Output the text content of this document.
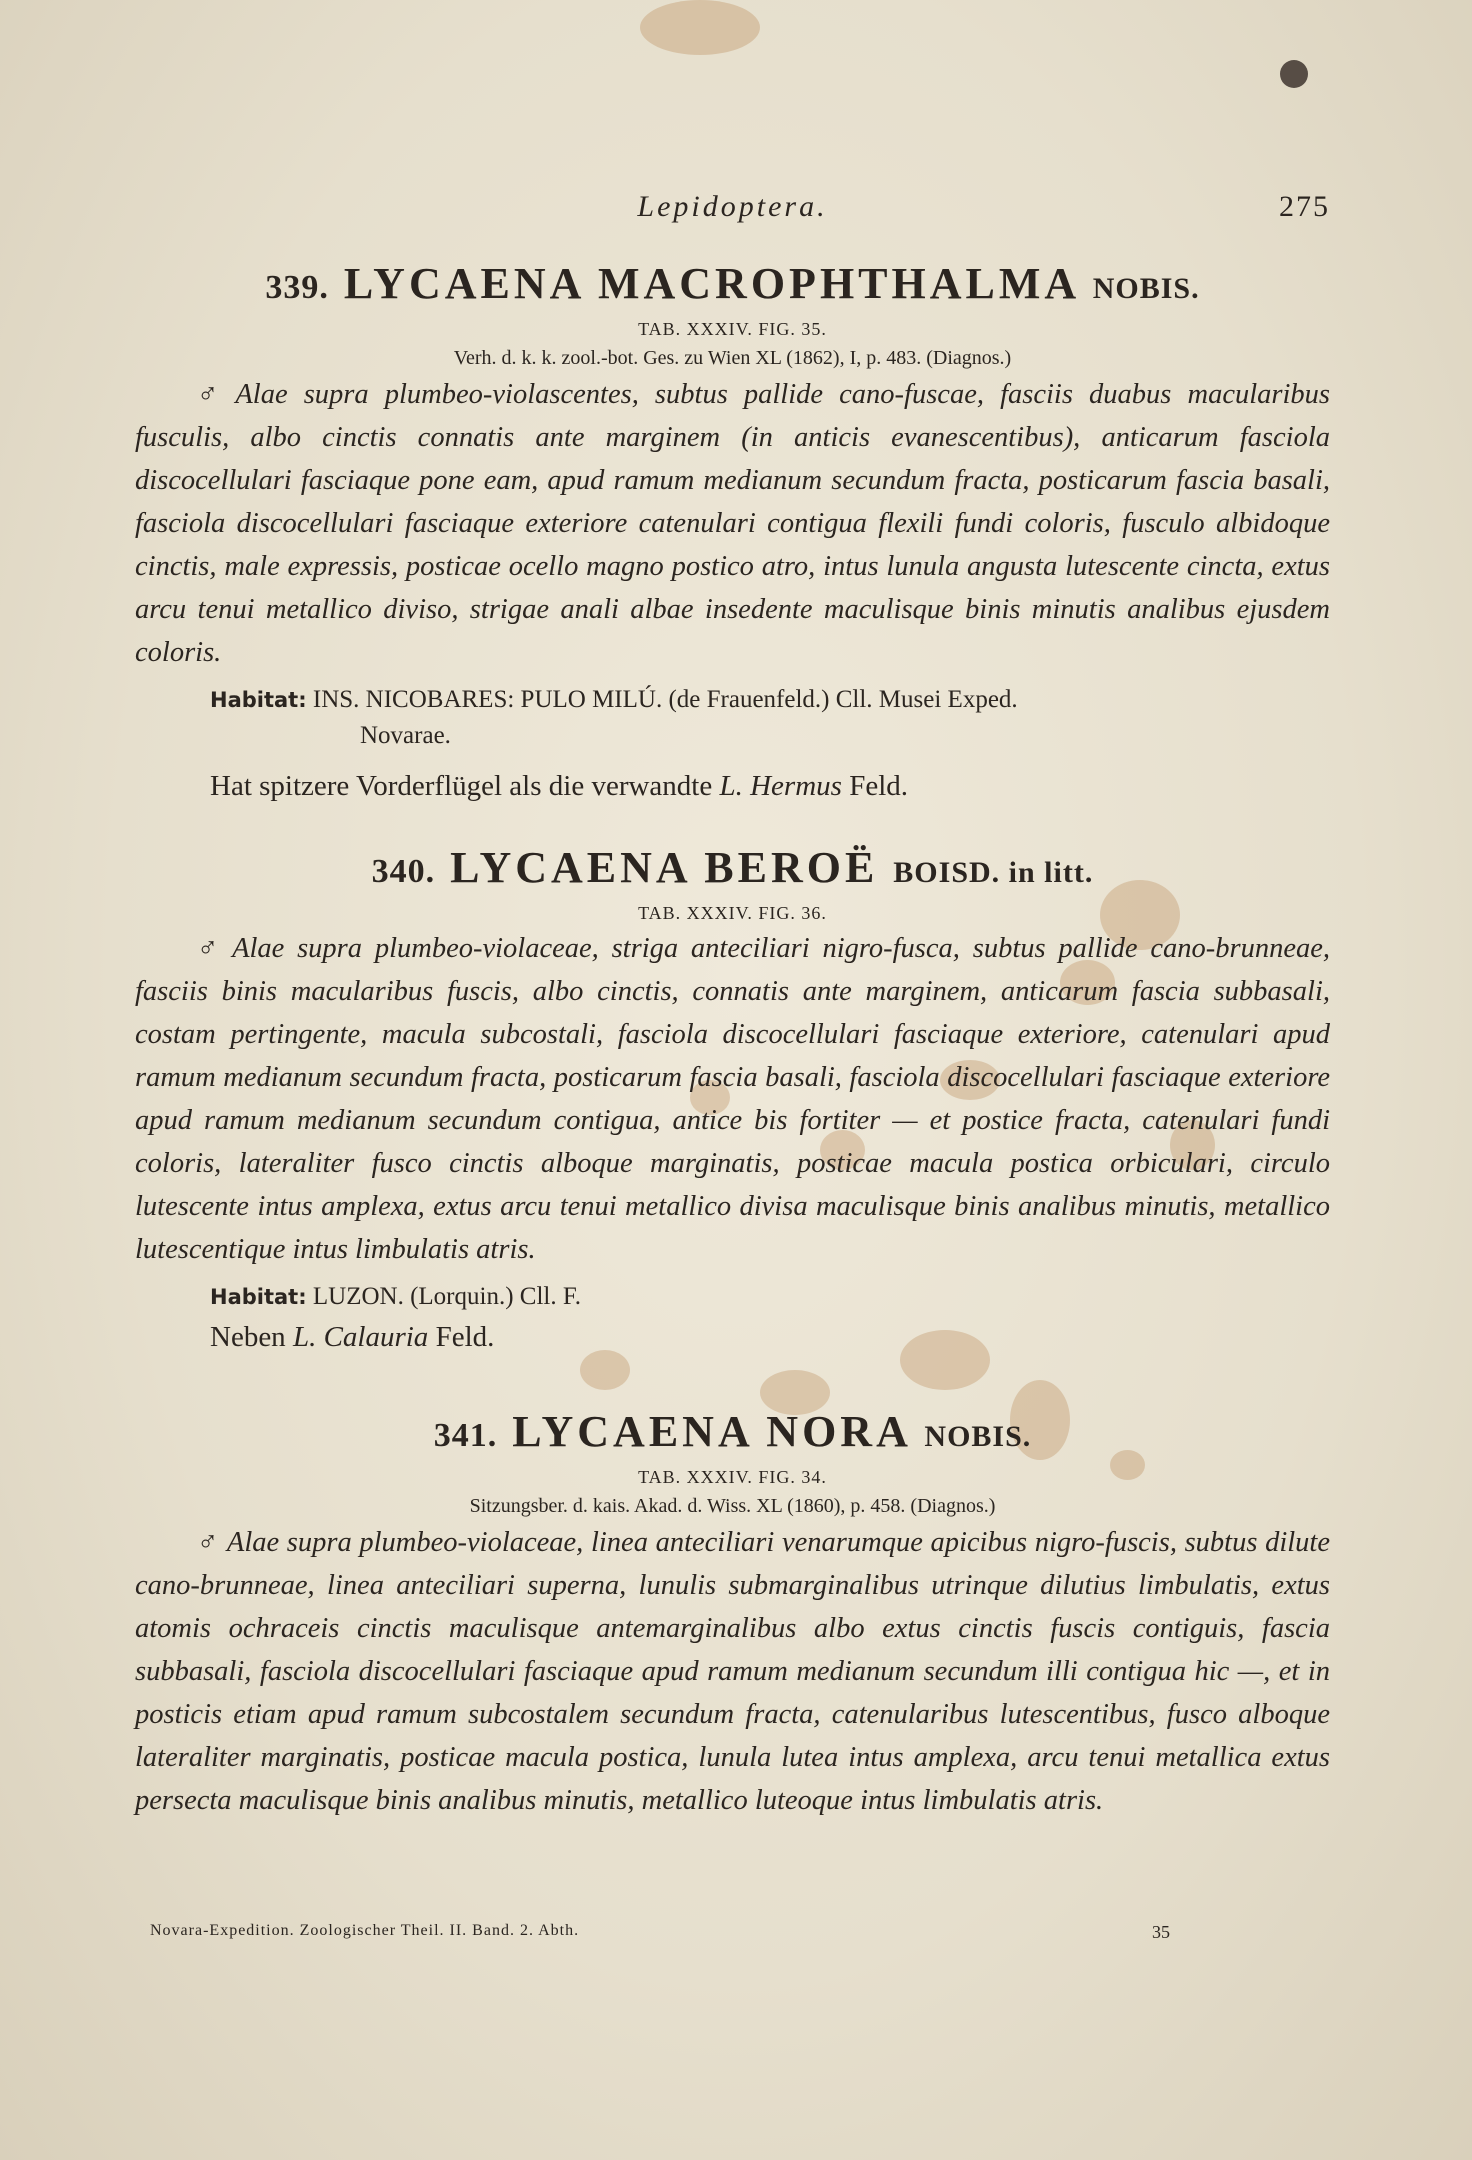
Lepidoptera.	275
339. LYCAENA MACROPHTHALMA NOBIS.

TAB. XXXIV. FIG. 35.

Verh. d. k. k. zool.-bot. Ges. zu Wien XL (1862), I, p. 483. (Diagnos.)

♂ Alae supra plumbeo-violascentes, subtus pallide cano-fuscae, fasciis duabus macularibus fusculis, albo cinctis connatis ante marginem (in anticis evanescentibus), anticarum fasciola discocellulari fasciaque pone eam, apud ramum medianum secundum fracta, posticarum fascia basali, fasciola discocellulari fasciaque exteriore catenulari contigua flexili fundi coloris, fusculo albidoque cinctis, male expressis, posticae ocello magno postico atro, intus lunula angusta lutescente cincta, extus arcu tenui metallico diviso, strigae anali albae insedente maculisque binis minutis analibus ejusdem coloris.

Habitat: INS. NICOBARES: PULO MILÚ. (de Frauenfeld.) Cll. Musei Exped.
Novarae.

Hat spitzere Vorderflügel als die verwandte L. Hermus Feld.

340. LYCAENA BEROË BOISD. in litt.

TAB. XXXIV. FIG. 36.

♂ Alae supra plumbeo-violaceae, striga anteciliari nigro-fusca, subtus pallide cano-brunneae, fasciis binis macularibus fuscis, albo cinctis, connatis ante marginem, anticarum fascia subbasali, costam pertingente, macula subcostali, fasciola discocellulari fasciaque exteriore, catenulari apud ramum medianum secundum fracta, posticarum fascia basali, fasciola discocellulari fasciaque exteriore apud ramum medianum secundum contigua, antice bis fortiter — et postice fracta, catenulari fundi coloris, lateraliter fusco cinctis alboque marginatis, posticae macula postica orbiculari, circulo lutescente intus amplexa, extus arcu tenui metallico divisa maculisque binis analibus minutis, metallico lutescentique intus limbulatis atris.

Habitat: LUZON. (Lorquin.) Cll. F.

Neben L. Calauria Feld.

341. LYCAENA NORA NOBIS.

TAB. XXXIV. FIG. 34.

Sitzungsber. d. kais. Akad. d. Wiss. XL (1860), p. 458. (Diagnos.)

♂ Alae supra plumbeo-violaceae, linea anteciliari venarumque apicibus nigro-fuscis, subtus dilute cano-brunneae, linea anteciliari superna, lunulis submarginalibus utrinque dilutius limbulatis, extus atomis ochraceis cinctis maculisque antemarginalibus albo extus cinctis fuscis contiguis, fascia subbasali, fasciola discocellulari fasciaque apud ramum medianum secundum illi contigua hic —, et in posticis etiam apud ramum subcostalem secundum fracta, catenularibus lutescentibus, fusco alboque lateraliter marginatis, posticae macula postica, lunula lutea intus amplexa, arcu tenui metallica extus persecta maculisque binis analibus minutis, metallico luteoque intus limbulatis atris.

Novara-Expedition. Zoologischer Theil. II. Band. 2. Abth.	35
